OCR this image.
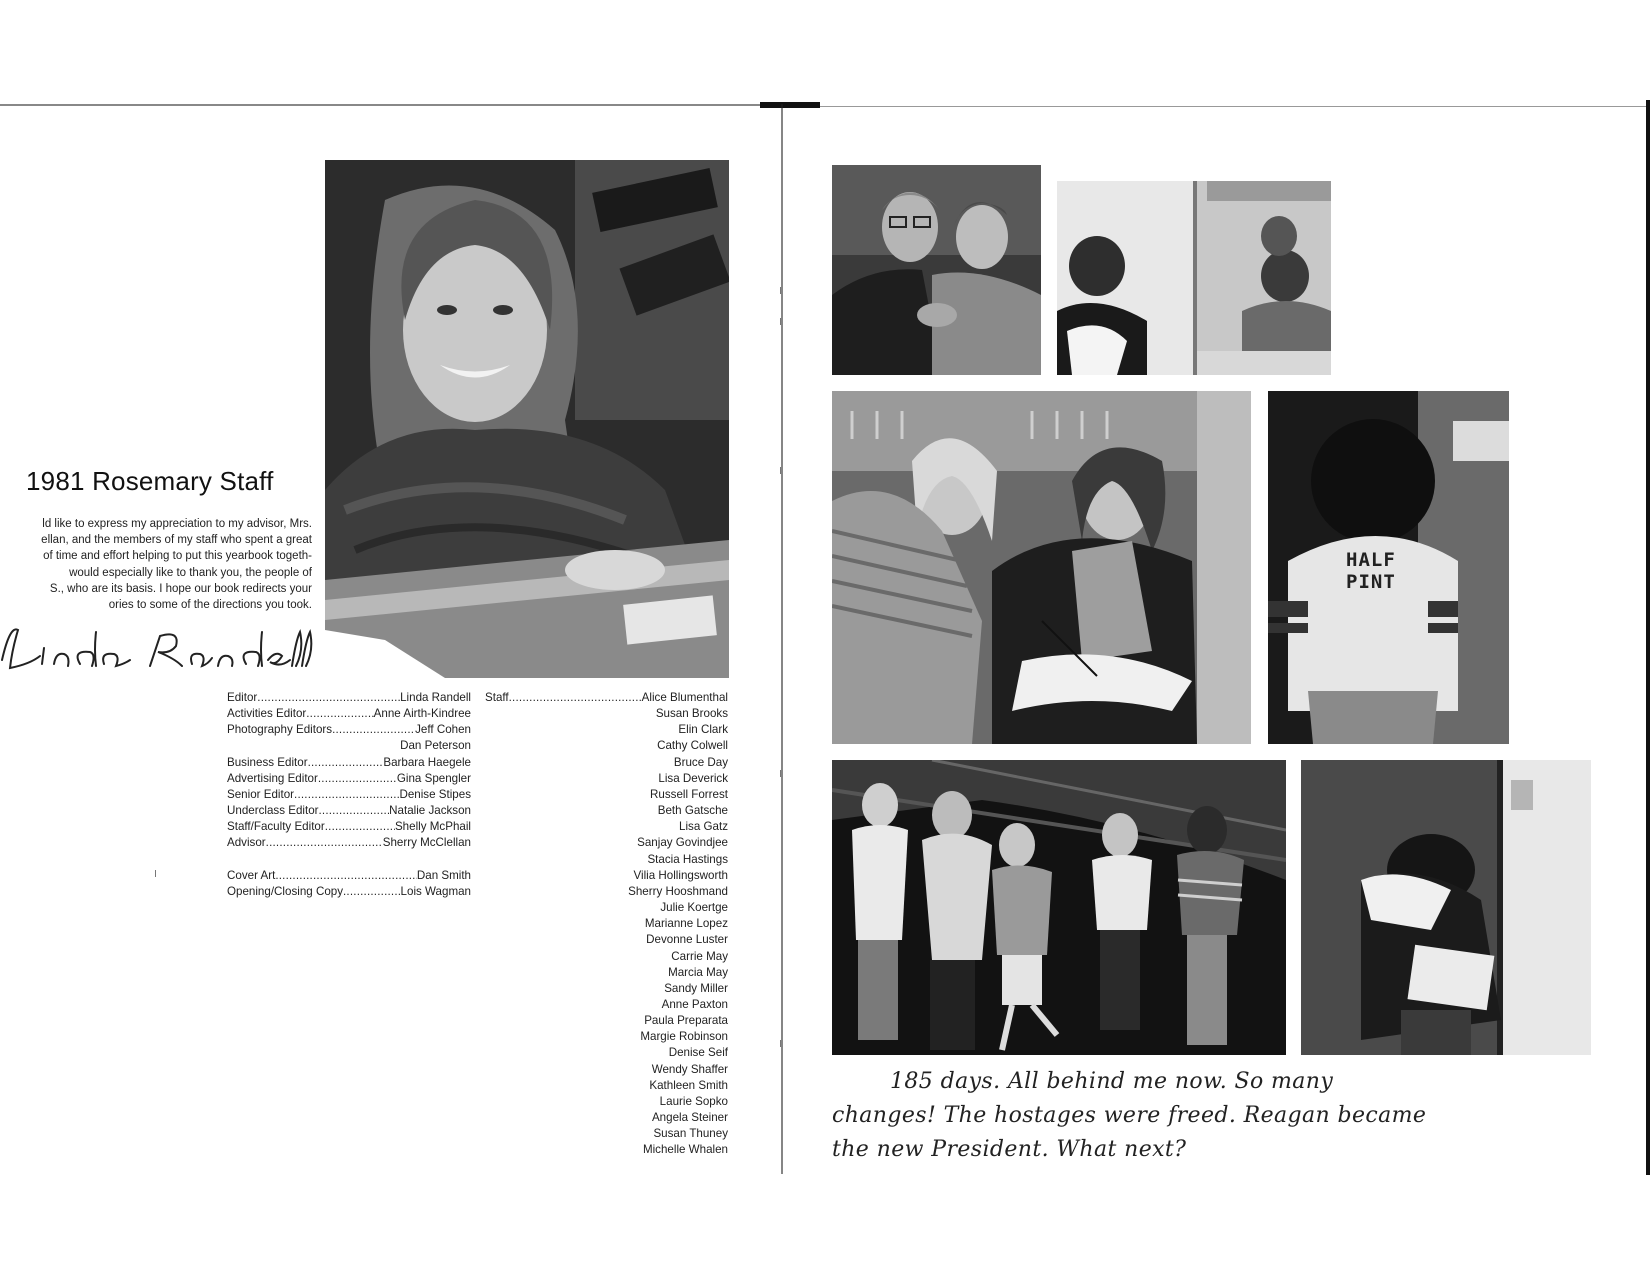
1981 Rosemary Staff
ld like to express my appreciation to my advisor, Mrs.
ellan, and the members of my staff who spent a great
of time and effort helping to put this yearbook togeth-
would especially like to thank you, the people of
S., who are its basis. I hope our book redirects your
ories to some of the directions you took.
Editor .....	Linda Randell
Activities Editor .....	Anne Airth-Kindree
Photography Editors .....	Jeff Cohen
Dan Peterson
Business Editor .....	Barbara Haegele
Advertising Editor .....	Gina Spengler
Senior Editor .....	Denise Stipes
Underclass Editor .....	Natalie Jackson
Staff/Faculty Editor .....	Shelly McPhail
Advisor .....	Sherry McClellan
Cover Art .....	Dan Smith
Opening/Closing Copy .....	Lois Wagman
Staff .....	Alice Blumenthal
Susan Brooks
Elin Clark
Cathy Colwell
Bruce Day
Lisa Deverick
Russell Forrest
Beth Gatsche
Lisa Gatz
Sanjay Govindjee
Stacia Hastings
Vilia Hollingsworth
Sherry Hooshmand
Julie Koertge
Marianne Lopez
Devonne Luster
Carrie May
Marcia May
Sandy Miller
Anne Paxton
Paula Preparata
Margie Robinson
Denise Seif
Wendy Shaffer
Kathleen Smith
Laurie Sopko
Angela Steiner
Susan Thuney
Michelle Whalen
HALF
PINT
185 days. All behind me now. So many
changes! The hostages were freed. Reagan became
the new President. What next?
